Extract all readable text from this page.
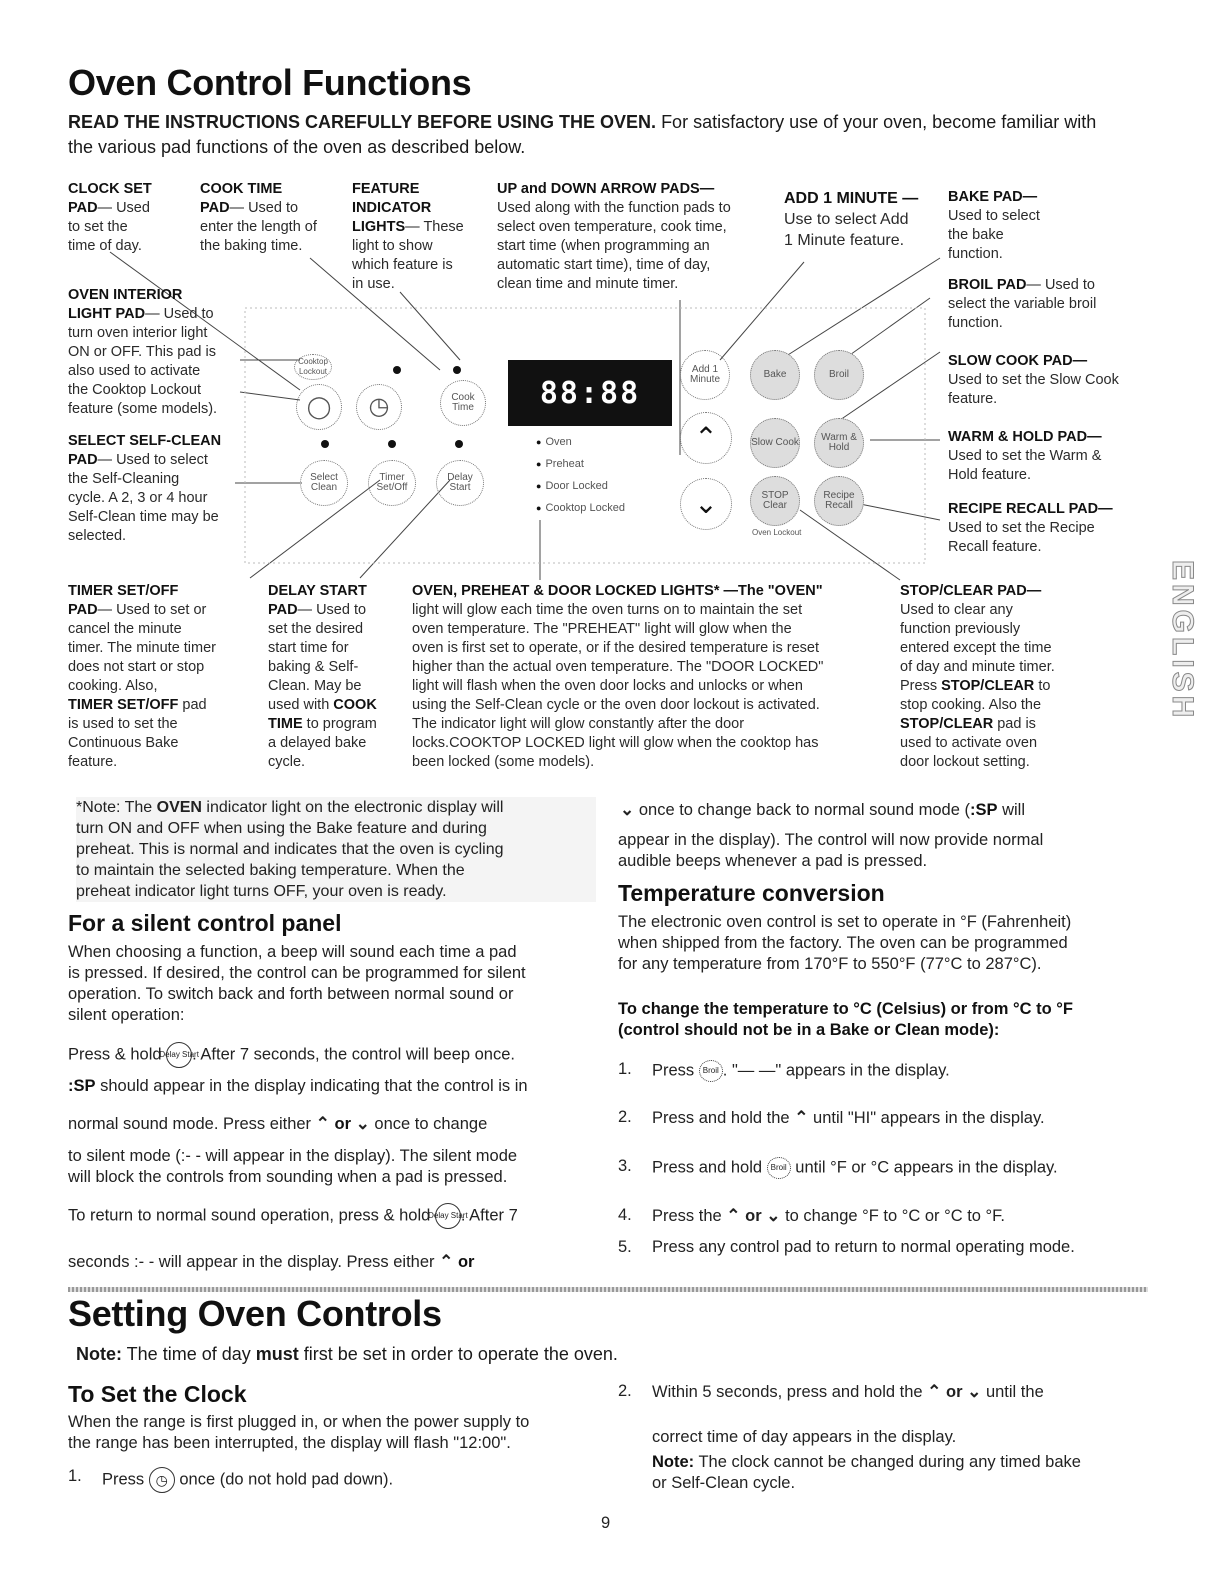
Oven Control Functions
READ THE INSTRUCTIONS CAREFULLY BEFORE USING THE OVEN. For satisfactory use of your oven, become familiar with
the various pad functions of the oven as described below.
CLOCK SET
PAD— Used
to set the
time of day.
COOK TIME
PAD— Used to
enter the length of
the baking time.
FEATURE
INDICATOR
LIGHTS— These
light to show
which feature is
in use.
UP and DOWN ARROW PADS—
Used along with the function pads to
select oven temperature, cook time,
start time (when programming an
automatic start time), time of day,
clean time and minute timer.
ADD 1 MINUTE —
Use to select Add
1 Minute feature.
BAKE PAD—
Used to select
the bake
function.
OVEN INTERIOR
LIGHT PAD— Used to
turn oven interior light
ON or OFF. This pad is
also used to activate
the Cooktop Lockout
feature (some models).
SELECT SELF-CLEAN
PAD— Used to select
the Self-Cleaning
cycle. A 2, 3 or 4 hour
Self-Clean time may be
selected.
BROIL PAD— Used to
select the variable broil
function.
SLOW COOK PAD—
Used to set the Slow Cook
feature.
WARM & HOLD PAD—
Used to set the Warm &
Hold feature.
RECIPE RECALL PAD—
Used to set the Recipe
Recall feature.
Cooktop Lockout
◯	◷	Cook Time	88:88
Select Clean
Timer Set/Off
Delay Start
● Oven
● Preheat
● Door Locked
● Cooktop Locked
Add 1 Minute	Bake	Broil
⌃	Slow Cook	Warm & Hold
⌄	STOP Clear
Recipe Recall
Oven Lockout
TIMER SET/OFF
PAD— Used to set or
cancel the minute
timer. The minute timer
does not start or stop
cooking. Also,
TIMER SET/OFF pad
is used to set the
Continuous Bake
feature.
DELAY START
PAD— Used to
set the desired
start time for
baking & Self-
Clean. May be
used with COOK
TIME to program
a delayed bake
cycle.
OVEN, PREHEAT & DOOR LOCKED LIGHTS* —The "OVEN"
light will glow each time the oven turns on to maintain the set
oven temperature. The "PREHEAT" light will glow when the
oven is first set to operate, or if the desired temperature is reset
higher than the actual oven temperature. The "DOOR LOCKED"
light will flash when the oven door locks and unlocks or when
using the Self-Clean cycle or the oven door lockout is activated.
The indicator light will glow constantly after the door
locks.COOKTOP LOCKED light will glow when the cooktop has
been locked (some models).
STOP/CLEAR PAD—
Used to clear any
function previously
entered except the time
of day and minute timer.
Press STOP/CLEAR to
stop cooking. Also the
STOP/CLEAR pad is
used to activate oven
door lockout setting.
ENGLISH
*Note: The OVEN indicator light on the electronic display will
turn ON and OFF when using the Bake feature and during
preheat. This is normal and indicates that the oven is cycling
to maintain the selected baking temperature. When the
preheat indicator light turns OFF, your oven is ready.
For a silent control panel
When choosing a function, a beep will sound each time a pad
is pressed. If desired, the control can be programmed for silent
operation. To switch back and forth between normal sound or
silent operation:
Press & hold Delay Start. After 7 seconds, the control will beep once.
:SP should appear in the display indicating that the control is in
normal sound mode. Press either ⌃ or ⌄ once to change
to silent mode (:- - will appear in the display). The silent mode
will block the controls from sounding when a pad is pressed.
To return to normal sound operation, press & hold Delay Start. After 7
seconds :- - will appear in the display. Press either ⌃ or
⌄ once to change back to normal sound mode (:SP will
appear in the display). The control will now provide normal
audible beeps whenever a pad is pressed.
Temperature conversion
The electronic oven control is set to operate in °F (Fahrenheit)
when shipped from the factory. The oven can be programmed
for any temperature from 170°F to 550°F (77°C to 287°C).
To change the temperature to °C (Celsius) or from °C to °F
(control should not be in a Bake or Clean mode):
1. Press Broil . "— —" appears in the display.
2. Press and hold the ⌃ until "HI" appears in the display.
3. Press and hold Broil until °F or °C appears in the display.
4. Press the ⌃ or ⌄ to change °F to °C or °C to °F.
5. Press any control pad to return to normal operating mode.
Setting Oven Controls
Note: The time of day must first be set in order to operate the oven.
To Set the Clock
When the range is first plugged in, or when the power supply to
the range has been interrupted, the display will flash "12:00".
1. Press ◷ once (do not hold pad down).
2. Within 5 seconds, press and hold the ⌃ or ⌄ until the
correct time of day appears in the display.
Note: The clock cannot be changed during any timed bake
or Self-Clean cycle.
9
